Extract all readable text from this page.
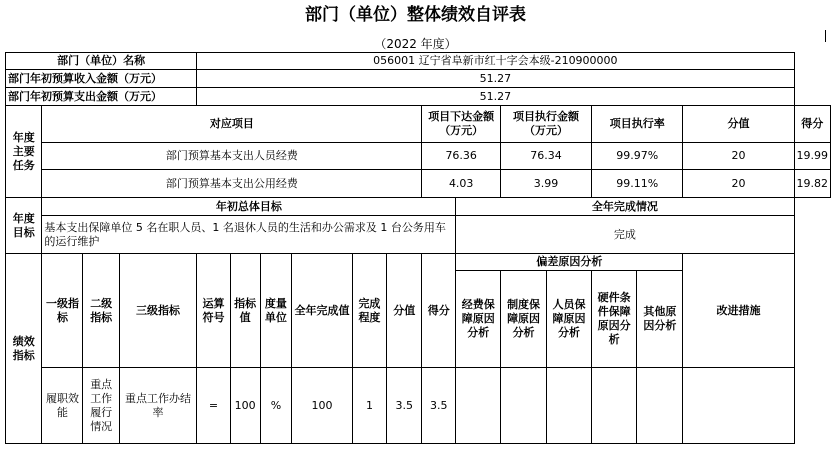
部门（单位）整体绩效自评表
（2022 年度）
部门（单位）名称				056001 辽宁省阜新市红十字会本级-210900000													
部门年初预算收入金额（万元）				51.27													
部门年初预算支出金额（万元）				51.27													
年度主要任务	对应项目									项目下达金额（万元）		项目执行金额（万元）		项目执行率		分值	得分
	部门预算基本支出人员经费									76.36		76.34		99.97%		20	19.99
	部门预算基本支出公用经费									4.03		3.99		99.11%		20	19.82
年度目标	年初总体目标										全年完成情况						
	基本支出保障单位 5 名在职人员、1 名退休人员的生活和办公需求及 1 台公务用车的运行维护										完成						
绩效指标	一级指标	二级指标	三级指标	运算符号	指标值	度量单位	全年完成值	完成程度	分值	得分	偏差原因分析					改进措施	
											经费保障原因分析	制度保障原因分析	人员保障原因分析	硬件条件保障原因分析	其他原因分析		
	履职效能	重点工作履行情况	重点工作办结率	=	100	%	100	1	3.5	3.5							
